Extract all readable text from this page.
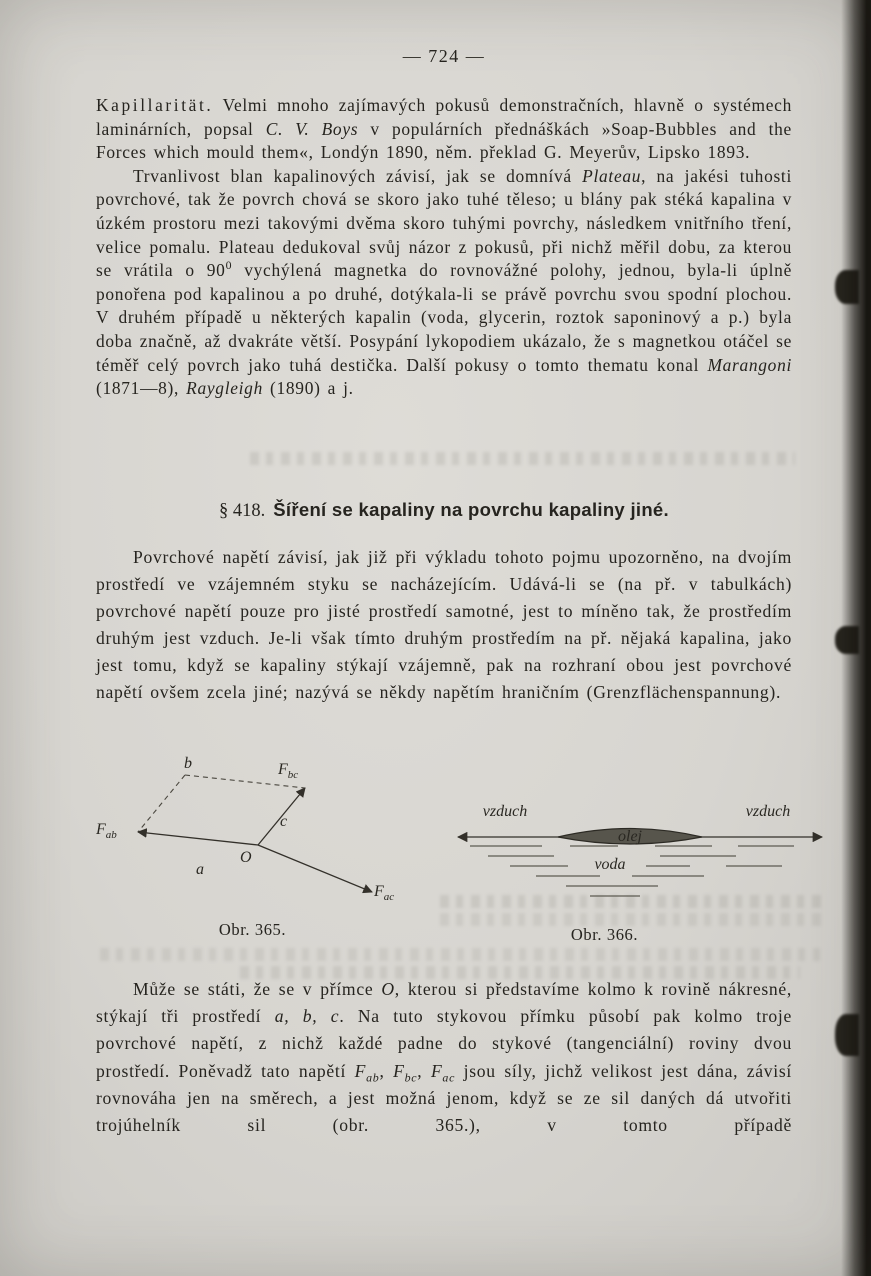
— 724 —

Kapillarität. Velmi mnoho zajímavých pokusů demonstračních, hlavně o systémech laminárních, popsal C. V. Boys v populárních přednáškách »Soap-Bubbles and the Forces which mould them«, Londýn 1890, něm. překlad G. Meyerův, Lipsko 1893.

Trvanlivost blan kapalinových závisí, jak se domnívá Plateau, na jakési tuhosti povrchové, tak že povrch chová se skoro jako tuhé těleso; u blány pak stéká kapalina v úzkém prostoru mezi takovými dvěma skoro tuhými povrchy, následkem vnitřního tření, velice pomalu. Plateau dedukoval svůj názor z pokusů, při nichž měřil dobu, za kterou se vrátila o $90^0$ vychýlená magnetka do rovnovážné polohy, jednou, byla-li úplně ponořena pod kapalinou a po druhé, dotýkala-li se právě povrchu svou spodní plochou. V druhém případě u některých kapalin (voda, glycerin, roztok saponinový a p.) byla doba značně, až dvakráte větší. Posypání lykopodiem ukázalo, že s magnetkou otáčel se téměř celý povrch jako tuhá destička. Další pokusy o tomto thematu konal Marangoni (1871—8), Raygleigh (1890) a j.

§ 418. Šíření se kapaliny na povrchu kapaliny jiné.

Povrchové napětí závisí, jak již při výkladu tohoto pojmu upozorněno, na dvojím prostředí ve vzájemném styku se nacházejícím. Udává-li se (na př. v tabulkách) povrchové napětí pouze pro jisté prostředí samotné, jest to míněno tak, že prostředím druhým jest vzduch. Je-li však tímto druhým prostředím na př. nějaká kapalina, jako jest tomu, když se kapaliny stýkají vzájemně, pak na rozhraní obou jest povrchové napětí ovšem zcela jiné; nazývá se někdy napětím hraničním (Grenzflächenspannung).

b	$F_{bc}$
c
$F_{ab}$
O
a
$F_{ac}$
olej
vzduch	vzduch
voda
Obr. 365.	Obr. 366.

Může se státi, že se v přímce O, kterou si představíme kolmo k rovině nákresné, stýkají tři prostředí a, b, c. Na tuto stykovou přímku působí pak kolmo troje povrchové napětí, z nichž každé padne do stykové (tangenciální) roviny dvou prostředí. Poněvadž tato napětí $F_{ab}$, $F_{bc}$, $F_{ac}$ jsou síly, jichž velikost jest dána, závisí rovnováha jen na směrech, a jest možná jenom, když se ze sil daných dá utvořiti trojúhelník sil (obr. 365.), v tomto případě
